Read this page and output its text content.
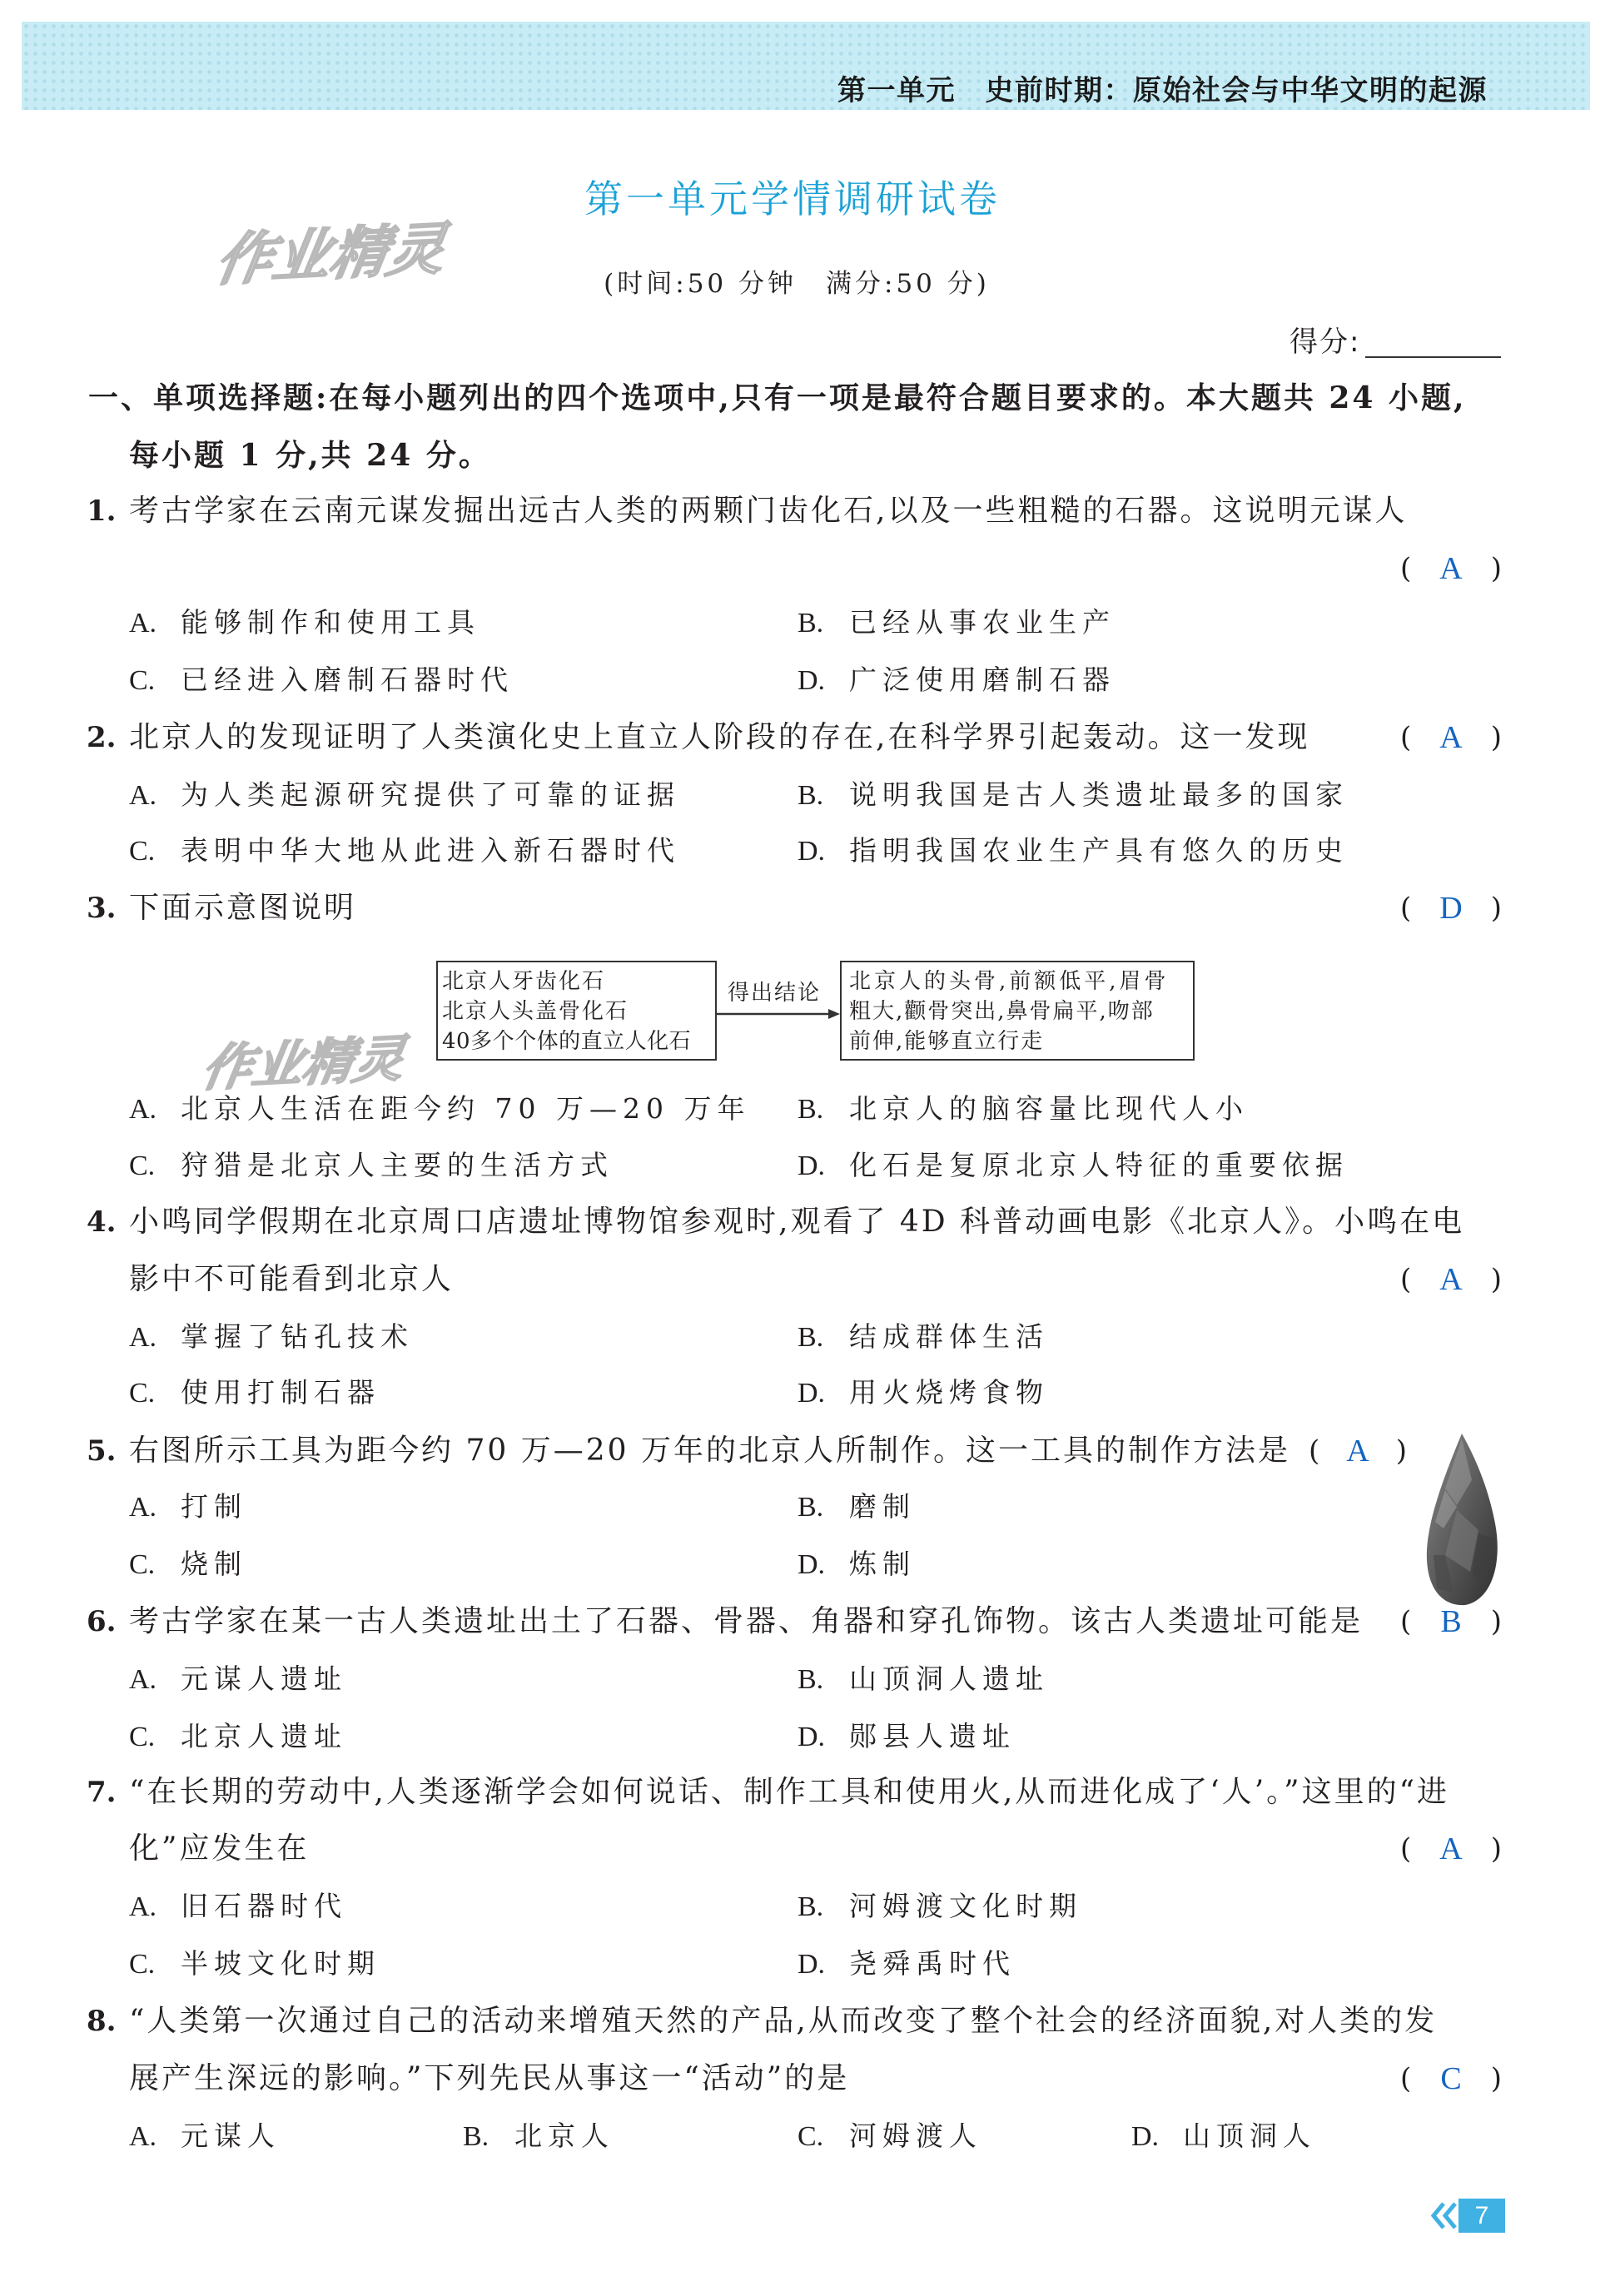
第一单元　史前时期：原始社会与中华文明的起源
作业精灵
作业精灵
第一单元学情调研试卷
(时间:50 分钟　满分:50 分)
得分:
一、单项选择题:在每小题列出的四个选项中,只有一项是最符合题目要求的。本大题共 24 小题,
每小题 1 分,共 24 分。
1. 考古学家在云南元谋发掘出远古人类的两颗门齿化石,以及一些粗糙的石器。这说明元谋人
( A	)
A. 能够制作和使用工具	B. 已经从事农业生产
C. 已经进入磨制石器时代	D. 广泛使用磨制石器
2. 北京人的发现证明了人类演化史上直立人阶段的存在,在科学界引起轰动。这一发现	( A	)
A. 为人类起源研究提供了可靠的证据	B. 说明我国是古人类遗址最多的国家
C. 表明中华大地从此进入新石器时代	D. 指明我国农业生产具有悠久的历史
3. 下面示意图说明	( D	)
北京人牙齿化石
北京人头盖骨化石
40多个个体的直立人化石
得出结论 北京人的头骨,前额低平,眉骨
粗大,颧骨突出,鼻骨扁平,吻部
前伸,能够直立行走
A. 北京人生活在距今约 70 万—20 万年 B. 北京人的脑容量比现代人小
C. 狩猎是北京人主要的生活方式	D. 化石是复原北京人特征的重要依据
4. 小鸣同学假期在北京周口店遗址博物馆参观时,观看了 4D 科普动画电影《北京人》。小鸣在电
影中不可能看到北京人	( A	)
A. 掌握了钻孔技术	B. 结成群体生活
C. 使用打制石器	D. 用火烧烤食物
5. 右图所示工具为距今约 70 万—20 万年的北京人所制作。这一工具的制作方法是 ( A )
A. 打制	B. 磨制
C. 烧制	D. 炼制
6. 考古学家在某一古人类遗址出土了石器、骨器、角器和穿孔饰物。该古人类遗址可能是 ( B	)
A. 元谋人遗址	B. 山顶洞人遗址
C. 北京人遗址	D. 郧县人遗址
7. “在长期的劳动中,人类逐渐学会如何说话、制作工具和使用火,从而进化成了‘人’。”这里的“进
化”应发生在	( A	)
A. 旧石器时代	B. 河姆渡文化时期
C. 半坡文化时期	D. 尧舜禹时代
8. “人类第一次通过自己的活动来增殖天然的产品,从而改变了整个社会的经济面貌,对人类的发
展产生深远的影响。”下列先民从事这一“活动”的是	( C	)
A. 元谋人	B. 北京人	C. 河姆渡人	D. 山顶洞人
7
